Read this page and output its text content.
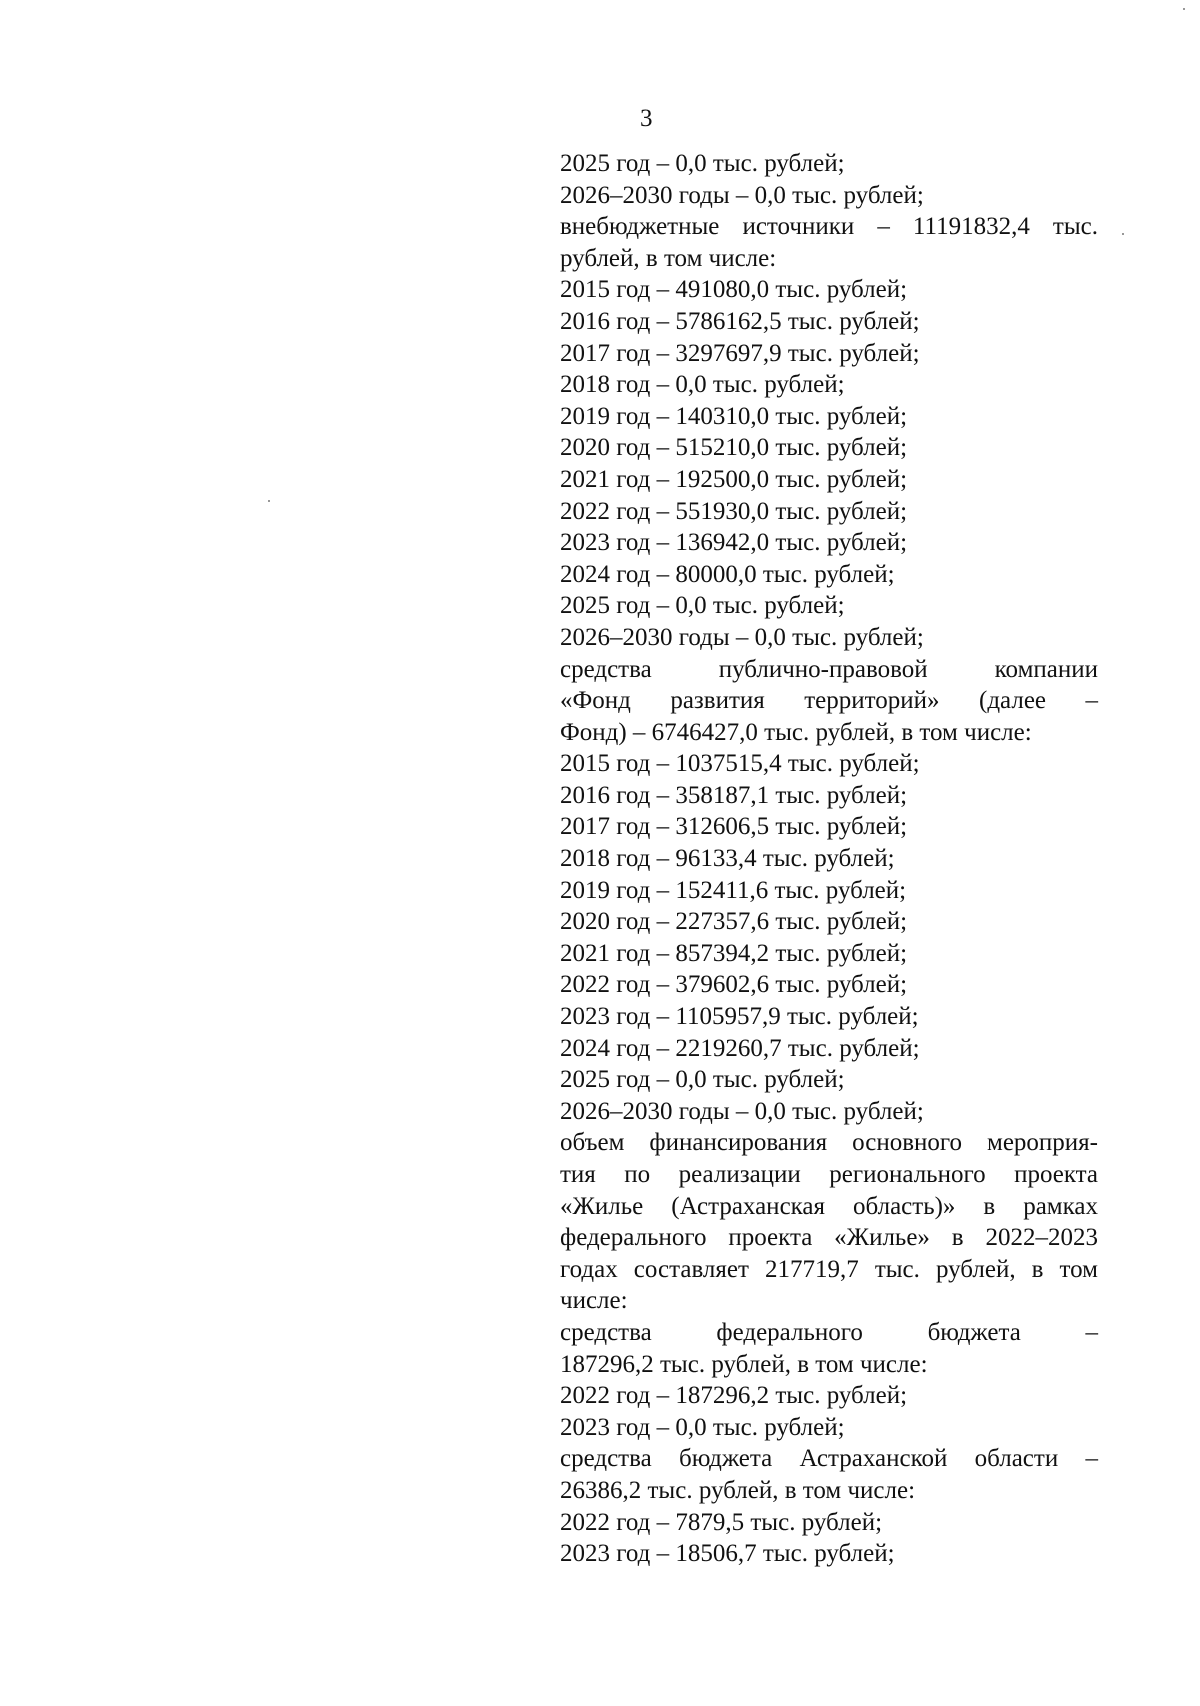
3

2025 год – 0,0 тыс. рублей;

2026–2030 годы – 0,0 тыс. рублей;

внебюджетные источники – 11191832,4 тыс.

рублей, в том числе:

2015 год – 491080,0 тыс. рублей;

2016 год – 5786162,5 тыс. рублей;

2017 год – 3297697,9 тыс. рублей;

2018 год – 0,0 тыс. рублей;

2019 год – 140310,0 тыс. рублей;

2020 год – 515210,0 тыс. рублей;

2021 год – 192500,0 тыс. рублей;

2022 год – 551930,0 тыс. рублей;

2023 год – 136942,0 тыс. рублей;

2024 год – 80000,0 тыс. рублей;

2025 год – 0,0 тыс. рублей;

2026–2030 годы – 0,0 тыс. рублей;

средства публично-правовой компании

«Фонд развития территорий» (далее –

Фонд) – 6746427,0 тыс. рублей, в том числе:

2015 год – 1037515,4 тыс. рублей;

2016 год – 358187,1 тыс. рублей;

2017 год – 312606,5 тыс. рублей;

2018 год – 96133,4 тыс. рублей;

2019 год – 152411,6 тыс. рублей;

2020 год – 227357,6 тыс. рублей;

2021 год – 857394,2 тыс. рублей;

2022 год – 379602,6 тыс. рублей;

2023 год – 1105957,9 тыс. рублей;

2024 год – 2219260,7 тыс. рублей;

2025 год – 0,0 тыс. рублей;

2026–2030 годы – 0,0 тыс. рублей;

объем финансирования основного мероприя-

тия по реализации регионального проекта

«Жилье (Астраханская область)» в рамках

федерального проекта «Жилье» в 2022–2023

годах составляет 217719,7 тыс. рублей, в том

числе:

средства федерального бюджета –

187296,2 тыс. рублей, в том числе:

2022 год – 187296,2 тыс. рублей;

2023 год – 0,0 тыс. рублей;

средства бюджета Астраханской области –

26386,2 тыс. рублей, в том числе:

2022 год – 7879,5 тыс. рублей;

2023 год – 18506,7 тыс. рублей;
